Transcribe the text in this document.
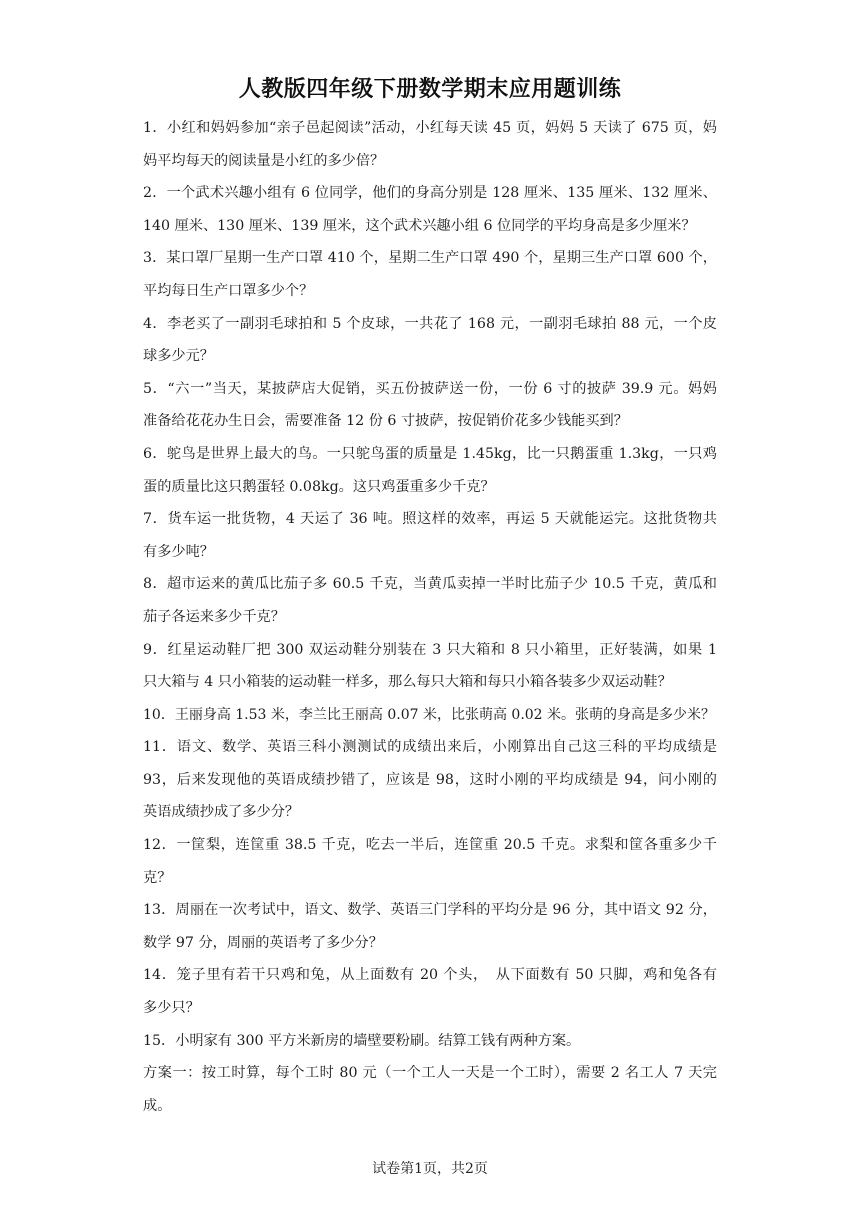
人教版四年级下册数学期末应用题训练
1．小红和妈妈参加“亲子邑起阅读”活动，小红每天读 45 页，妈妈 5 天读了 675 页，妈
妈平均每天的阅读量是小红的多少倍？
2．一个武术兴趣小组有 6 位同学，他们的身高分别是 128 厘米、135 厘米、132 厘米、
140 厘米、130 厘米、139 厘米，这个武术兴趣小组 6 位同学的平均身高是多少厘米？
3．某口罩厂星期一生产口罩 410 个，星期二生产口罩 490 个，星期三生产口罩 600 个，
平均每日生产口罩多少个？
4．李老买了一副羽毛球拍和 5 个皮球，一共花了 168 元，一副羽毛球拍 88 元，一个皮
球多少元？
5．“六一”当天，某披萨店大促销，买五份披萨送一份，一份 6 寸的披萨 39.9 元。妈妈
准备给花花办生日会，需要准备 12 份 6 寸披萨，按促销价花多少钱能买到？
6．鸵鸟是世界上最大的鸟。一只鸵鸟蛋的质量是 1.45kg，比一只鹅蛋重 1.3kg，一只鸡
蛋的质量比这只鹅蛋轻 0.08kg。这只鸡蛋重多少千克？
7．货车运一批货物，4 天运了 36 吨。照这样的效率，再运 5 天就能运完。这批货物共
有多少吨？
8．超市运来的黄瓜比茄子多 60.5 千克，当黄瓜卖掉一半时比茄子少 10.5 千克，黄瓜和
茄子各运来多少千克？
9．红星运动鞋厂把 300 双运动鞋分别装在 3 只大箱和 8 只小箱里，正好装满，如果 1
只大箱与 4 只小箱装的运动鞋一样多，那么每只大箱和每只小箱各装多少双运动鞋？
10．王丽身高 1.53 米，李兰比王丽高 0.07 米，比张萌高 0.02 米。张萌的身高是多少米？
11．语文、数学、英语三科小测测试的成绩出来后，小刚算出自己这三科的平均成绩是
93，后来发现他的英语成绩抄错了，应该是 98，这时小刚的平均成绩是 94，问小刚的
英语成绩抄成了多少分？
12．一筐梨，连筐重 38.5 千克，吃去一半后，连筐重 20.5 千克。求梨和筐各重多少千
克？
13．周丽在一次考试中，语文、数学、英语三门学科的平均分是 96 分，其中语文 92 分，
数学 97 分，周丽的英语考了多少分？
14．笼子里有若干只鸡和兔，从上面数有 20 个头，　从下面数有 50 只脚，鸡和兔各有
多少只？
15．小明家有 300 平方米新房的墙壁要粉刷。结算工钱有两种方案。
方案一：按工时算，每个工时 80 元（一个工人一天是一个工时），需要 2 名工人 7 天完
成。
试卷第1页，共2页
